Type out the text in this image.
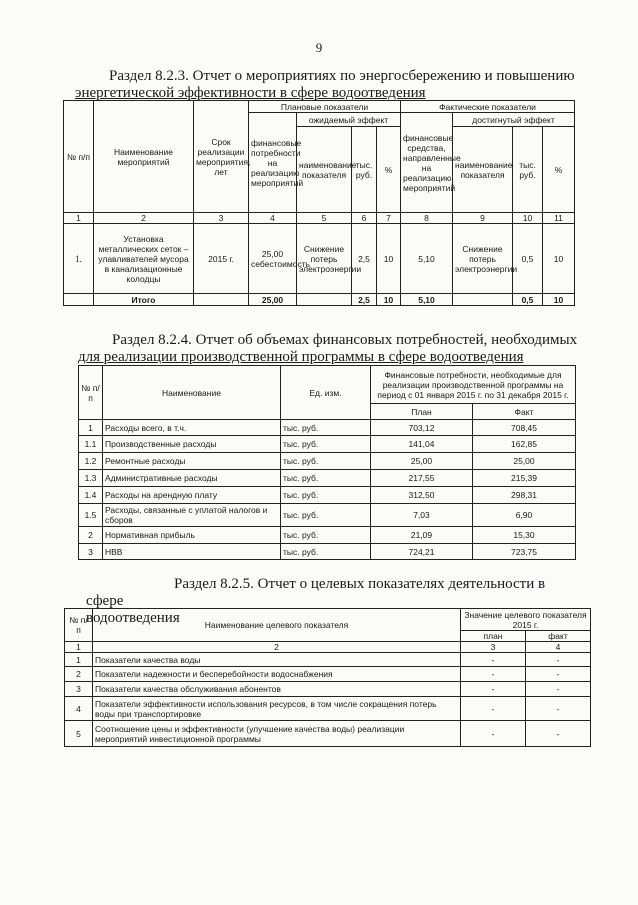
9
Раздел 8.2.3. Отчет о мероприятиях по энергосбережению и повышению
энергетической эффективности в сфере водоотведения
№ п/п	Наименование мероприятий	Срок реализации мероприятия, лет	Плановые показатели				Фактические показатели			
			финансовые потребности на реализацию мероприятий	ожидаемый эффект			финансовые средства, направленные на реализацию мероприятий	достигнутый эффект		
				наименование показателя	тыс. руб.	%		наименование показателя	тыс. руб.	%
1	2	3	4	5	6	7	8	9	10	11
1.	Установка металлических сеток – улавливателей мусора в канализационные колодцы	2015 г.	25,00 себестоимость	Снижение потерь электроэнергии	2,5	10	5,10	Снижение потерь электроэнергии	0,5	10
	Итого		25,00		2,5	10	5,10		0,5	10
Раздел 8.2.4. Отчет об объемах финансовых потребностей, необходимых
для реализации производственной программы в сфере водоотведения
№ п/п	Наименование	Ед. изм.	Финансовые потребности, необходимые для реализации производственной программы на период с 01 января 2015 г. по 31 декабря 2015 г.	
			План	Факт
1	Расходы всего, в т.ч.	тыс. руб.	703,12	708,45
1.1	Производственные расходы	тыс. руб.	141,04	162,85
1.2	Ремонтные расходы	тыс. руб.	25,00	25,00
1.3	Административные расходы	тыс. руб.	217,55	215,39
1.4	Расходы на арендную плату	тыс. руб.	312,50	298,31
1.5	Расходы, связанные с уплатой налогов и сборов	тыс. руб.	7,03	6,90
2	Нормативная прибыль	тыс. руб.	21,09	15,30
3	НВВ	тыс. руб.	724,21	723,75
Раздел 8.2.5. Отчет о целевых показателях деятельности в сфере
водоотведения
№ п/п	Наименование целевого показателя	Значение целевого показателя 2015 г.	
		план	факт
1	2	3	4
1	Показатели качества воды	-	-
2	Показатели надежности и бесперебойности водоснабжения	-	-
3	Показатели качества обслуживания абонентов	-	-
4	Показатели эффективности использования ресурсов, в том числе сокращения потерь воды при транспортировке	-	-
5	Соотношение цены и эффективности (улучшение качества воды) реализации мероприятий инвестиционной программы	-	-
